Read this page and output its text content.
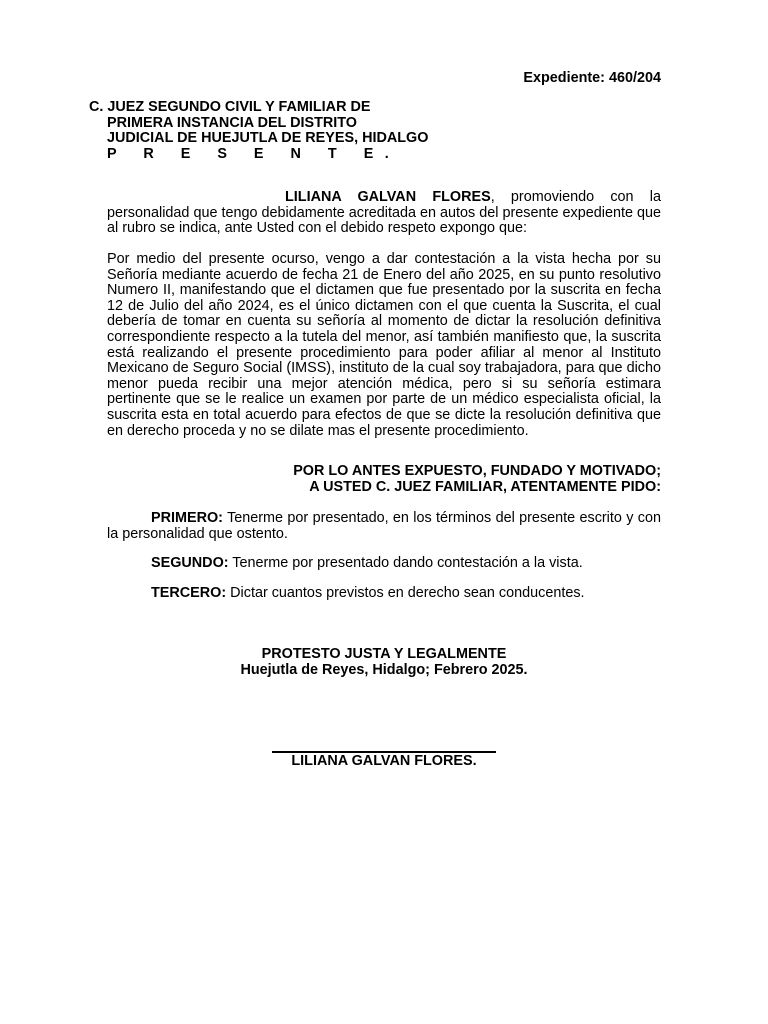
Expediente: 460/204
C. JUEZ SEGUNDO CIVIL Y FAMILIAR DE
PRIMERA INSTANCIA DEL DISTRITO
JUDICIAL DE HUEJUTLA DE REYES, HIDALGO
P R E S E N T E.
LILIANA GALVAN FLORES, promoviendo con la personalidad que tengo debidamente acreditada en autos del presente expediente que al rubro se indica, ante Usted con el debido respeto expongo que:
Por medio del presente ocurso, vengo a dar contestación a la vista hecha por su Señoría mediante acuerdo de fecha 21 de Enero del año 2025, en su punto resolutivo Numero II, manifestando que el dictamen que fue presentado por la suscrita en fecha 12 de Julio del año 2024, es el único dictamen con el que cuenta la Suscrita, el cual debería de tomar en cuenta su señoría al momento de dictar la resolución definitiva correspondiente respecto a la tutela del menor, así también manifiesto que, la suscrita está realizando el presente procedimiento para poder afiliar al menor al Instituto Mexicano de Seguro Social (IMSS), instituto de la cual soy trabajadora, para que dicho menor pueda recibir una mejor atención médica, pero si su señoría estimara pertinente que se le realice un examen por parte de un médico especialista oficial, la suscrita esta en total acuerdo para efectos de que se dicte la resolución definitiva que en derecho proceda y no se dilate mas el presente procedimiento.
POR LO ANTES EXPUESTO, FUNDADO Y MOTIVADO;
A USTED C. JUEZ FAMILIAR, ATENTAMENTE PIDO:
PRIMERO: Tenerme por presentado, en los términos del presente escrito y con la personalidad que ostento.
SEGUNDO: Tenerme por presentado dando contestación a la vista.
TERCERO: Dictar cuantos previstos en derecho sean conducentes.
PROTESTO JUSTA Y LEGALMENTE
Huejutla de Reyes, Hidalgo; Febrero 2025.
LILIANA GALVAN FLORES.
